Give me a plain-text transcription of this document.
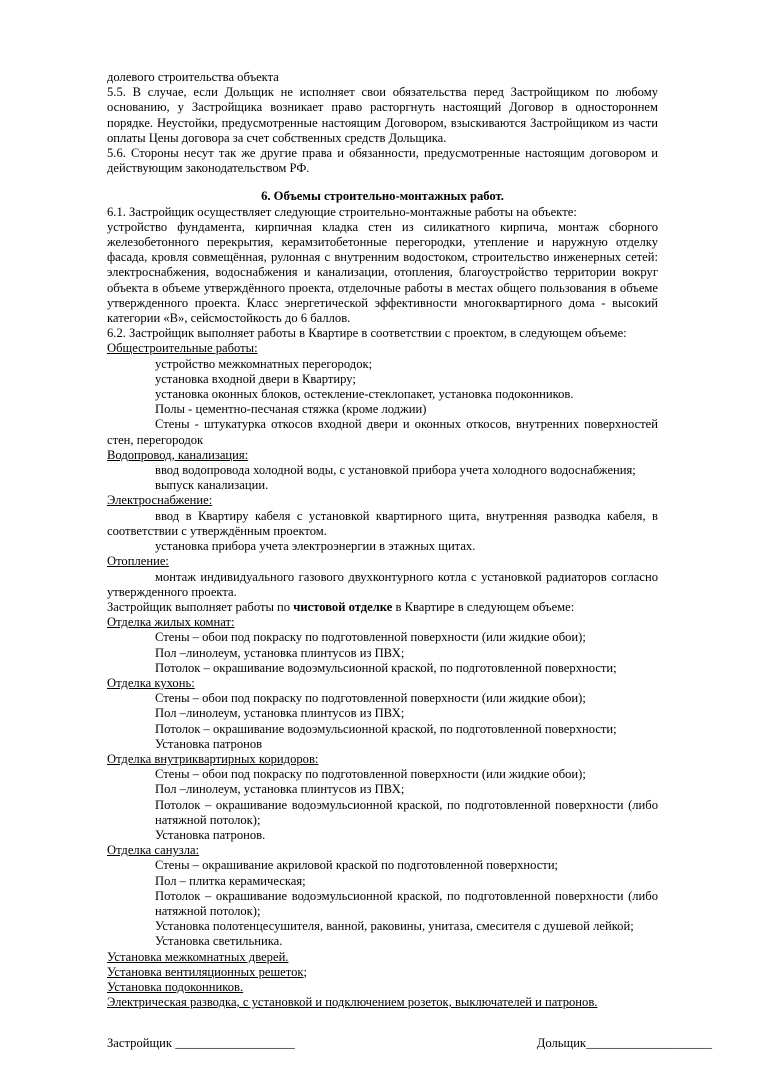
долевого строительства объекта

5.5. В случае, если Дольщик не исполняет свои обязательства перед Застройщиком по любому основанию, у Застройщика возникает право расторгнуть настоящий Договор в одностороннем порядке. Неустойки, предусмотренные настоящим Договором, взыскиваются Застройщиком из части оплаты Цены договора за счет собственных средств Дольщика.

5.6. Стороны несут так же другие права и обязанности, предусмотренные настоящим договором и действующим законодательством РФ.

6. Объемы строительно-монтажных работ.

6.1. Застройщик осуществляет следующие строительно-монтажные работы на объекте:

устройство фундамента, кирпичная кладка стен из силикатного кирпича, монтаж сборного железобетонного перекрытия, керамзитобетонные перегородки, утепление и наружную отделку фасада, кровля совмещённая, рулонная с внутренним водостоком, строительство инженерных сетей: электроснабжения, водоснабжения и канализации, отопления, благоустройство территории вокруг объекта в объеме утверждённого проекта, отделочные работы в местах общего пользования в объеме утвержденного проекта. Класс энергетической эффективности многоквартирного дома - высокий категории «В», сейсмостойкость до 6 баллов.

6.2. Застройщик выполняет работы в Квартире в соответствии с проектом, в следующем объеме:

Общестроительные работы:

устройство межкомнатных перегородок;

установка входной двери в Квартиру;

установка оконных блоков, остекление-стеклопакет, установка подоконников.

Полы - цементно-песчаная стяжка (кроме лоджии)

Стены - штукатурка откосов входной двери и оконных откосов, внутренних поверхностей стен, перегородок

Водопровод, канализация:

ввод водопровода холодной воды, с установкой прибора учета холодного водоснабжения;

выпуск канализации.

Электроснабжение:

ввод в Квартиру кабеля с установкой квартирного щита, внутренняя разводка кабеля, в соответствии с утверждённым проектом.

установка прибора учета электроэнергии в этажных щитах.

Отопление:

монтаж индивидуального газового двухконтурного котла с установкой радиаторов согласно утвержденного проекта.

Застройщик выполняет работы по чистовой отделке в Квартире в следующем объеме:

Отделка жилых комнат:

Стены – обои под покраску по подготовленной поверхности (или жидкие обои);

Пол –линолеум, установка плинтусов из ПВХ;

Потолок – окрашивание водоэмульсионной краской, по подготовленной поверхности;

Отделка кухонь:

Стены – обои под покраску по подготовленной поверхности (или жидкие обои);

Пол –линолеум, установка плинтусов из ПВХ;

Потолок – окрашивание водоэмульсионной краской, по подготовленной поверхности;

Установка патронов

Отделка внутриквартирных коридоров:

Стены – обои под покраску по подготовленной поверхности (или жидкие обои);

Пол –линолеум, установка плинтусов из ПВХ;

Потолок – окрашивание водоэмульсионной краской, по подготовленной поверхности (либо натяжной потолок);

Установка патронов.

Отделка санузла:

Стены – окрашивание акриловой краской по подготовленной поверхности;

Пол – плитка керамическая;

Потолок – окрашивание водоэмульсионной краской, по подготовленной поверхности (либо натяжной потолок);

Установка полотенцесушителя, ванной, раковины, унитаза, смесителя с душевой лейкой;

Установка светильника.

Установка межкомнатных дверей.

Установка вентиляционных решеток;

Установка подоконников.

Электрическая разводка, с установкой и подключением розеток, выключателей и патронов.

Застройщик ___________________	Дольщик____________________
